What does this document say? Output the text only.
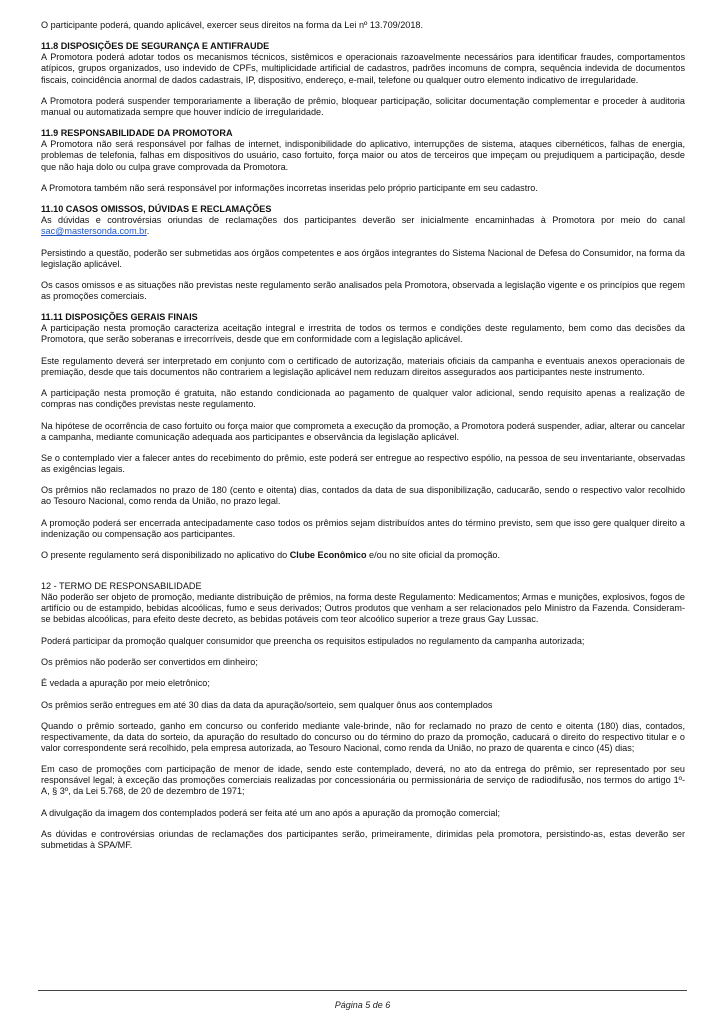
O participante poderá, quando aplicável, exercer seus direitos na forma da Lei nº 13.709/2018.

11.8 DISPOSIÇÕES DE SEGURANÇA E ANTIFRAUDE

A Promotora poderá adotar todos os mecanismos técnicos, sistêmicos e operacionais razoavelmente necessários para identificar fraudes, comportamentos atípicos, grupos organizados, uso indevido de CPFs, multiplicidade artificial de cadastros, padrões incomuns de compra, sequência indevida de documentos fiscais, coincidência anormal de dados cadastrais, IP, dispositivo, endereço, e-mail, telefone ou qualquer outro elemento indicativo de irregularidade.

A Promotora poderá suspender temporariamente a liberação de prêmio, bloquear participação, solicitar documentação complementar e proceder à auditoria manual ou automatizada sempre que houver indício de irregularidade.

11.9 RESPONSABILIDADE DA PROMOTORA

A Promotora não será responsável por falhas de internet, indisponibilidade do aplicativo, interrupções de sistema, ataques cibernéticos, falhas de energia, problemas de telefonia, falhas em dispositivos do usuário, caso fortuito, força maior ou atos de terceiros que impeçam ou prejudiquem a participação, desde que não haja dolo ou culpa grave comprovada da Promotora.

A Promotora também não será responsável por informações incorretas inseridas pelo próprio participante em seu cadastro.

11.10 CASOS OMISSOS, DÚVIDAS E RECLAMAÇÕES

As dúvidas e controvérsias oriundas de reclamações dos participantes deverão ser inicialmente encaminhadas à Promotora por meio do canal sac@mastersonda.com.br.

Persistindo a questão, poderão ser submetidas aos órgãos competentes e aos órgãos integrantes do Sistema Nacional de Defesa do Consumidor, na forma da legislação aplicável.

Os casos omissos e as situações não previstas neste regulamento serão analisados pela Promotora, observada a legislação vigente e os princípios que regem as promoções comerciais.

11.11 DISPOSIÇÕES GERAIS FINAIS

A participação nesta promoção caracteriza aceitação integral e irrestrita de todos os termos e condições deste regulamento, bem como das decisões da Promotora, que serão soberanas e irrecorríveis, desde que em conformidade com a legislação aplicável.

Este regulamento deverá ser interpretado em conjunto com o certificado de autorização, materiais oficiais da campanha e eventuais anexos operacionais de premiação, desde que tais documentos não contrariem a legislação aplicável nem reduzam direitos assegurados aos participantes neste instrumento.

A participação nesta promoção é gratuita, não estando condicionada ao pagamento de qualquer valor adicional, sendo requisito apenas a realização de compras nas condições previstas neste regulamento.

Na hipótese de ocorrência de caso fortuito ou força maior que comprometa a execução da promoção, a Promotora poderá suspender, adiar, alterar ou cancelar a campanha, mediante comunicação adequada aos participantes e observância da legislação aplicável.

Se o contemplado vier a falecer antes do recebimento do prêmio, este poderá ser entregue ao respectivo espólio, na pessoa de seu inventariante, observadas as exigências legais.

Os prêmios não reclamados no prazo de 180 (cento e oitenta) dias, contados da data de sua disponibilização, caducarão, sendo o respectivo valor recolhido ao Tesouro Nacional, como renda da União, no prazo legal.

A promoção poderá ser encerrada antecipadamente caso todos os prêmios sejam distribuídos antes do término previsto, sem que isso gere qualquer direito a indenização ou compensação aos participantes.

O presente regulamento será disponibilizado no aplicativo do Clube Econômico e/ou no site oficial da promoção.

12 - TERMO DE RESPONSABILIDADE

Não poderão ser objeto de promoção, mediante distribuição de prêmios, na forma deste Regulamento: Medicamentos; Armas e munições, explosivos, fogos de artifício ou de estampido, bebidas alcoólicas, fumo e seus derivados; Outros produtos que venham a ser relacionados pelo Ministro da Fazenda. Consideram-se bebidas alcoólicas, para efeito deste decreto, as bebidas potáveis com teor alcoólico superior a treze graus Gay Lussac.

Poderá participar da promoção qualquer consumidor que preencha os requisitos estipulados no regulamento da campanha autorizada;

Os prêmios não poderão ser convertidos em dinheiro;

É vedada a apuração por meio eletrônico;

Os prêmios serão entregues em até 30 dias da data da apuração/sorteio, sem qualquer ônus aos contemplados

Quando o prêmio sorteado, ganho em concurso ou conferido mediante vale-brinde, não for reclamado no prazo de cento e oitenta (180) dias, contados, respectivamente, da data do sorteio, da apuração do resultado do concurso ou do término do prazo da promoção, caducará o direito do respectivo titular e o valor correspondente será recolhido, pela empresa autorizada, ao Tesouro Nacional, como renda da União, no prazo de quarenta e cinco (45) dias;

Em caso de promoções com participação de menor de idade, sendo este contemplado, deverá, no ato da entrega do prêmio, ser representado por seu responsável legal; à exceção das promoções comerciais realizadas por concessionária ou permissionária de serviço de radiodifusão, nos termos do artigo 1º-A, § 3º, da Lei 5.768, de 20 de dezembro de 1971;

A divulgação da imagem dos contemplados poderá ser feita até um ano após a apuração da promoção comercial;

As dúvidas e controvérsias oriundas de reclamações dos participantes serão, primeiramente, dirimidas pela promotora, persistindo-as, estas deverão ser submetidas à SPA/MF.

Página 5 de 6
